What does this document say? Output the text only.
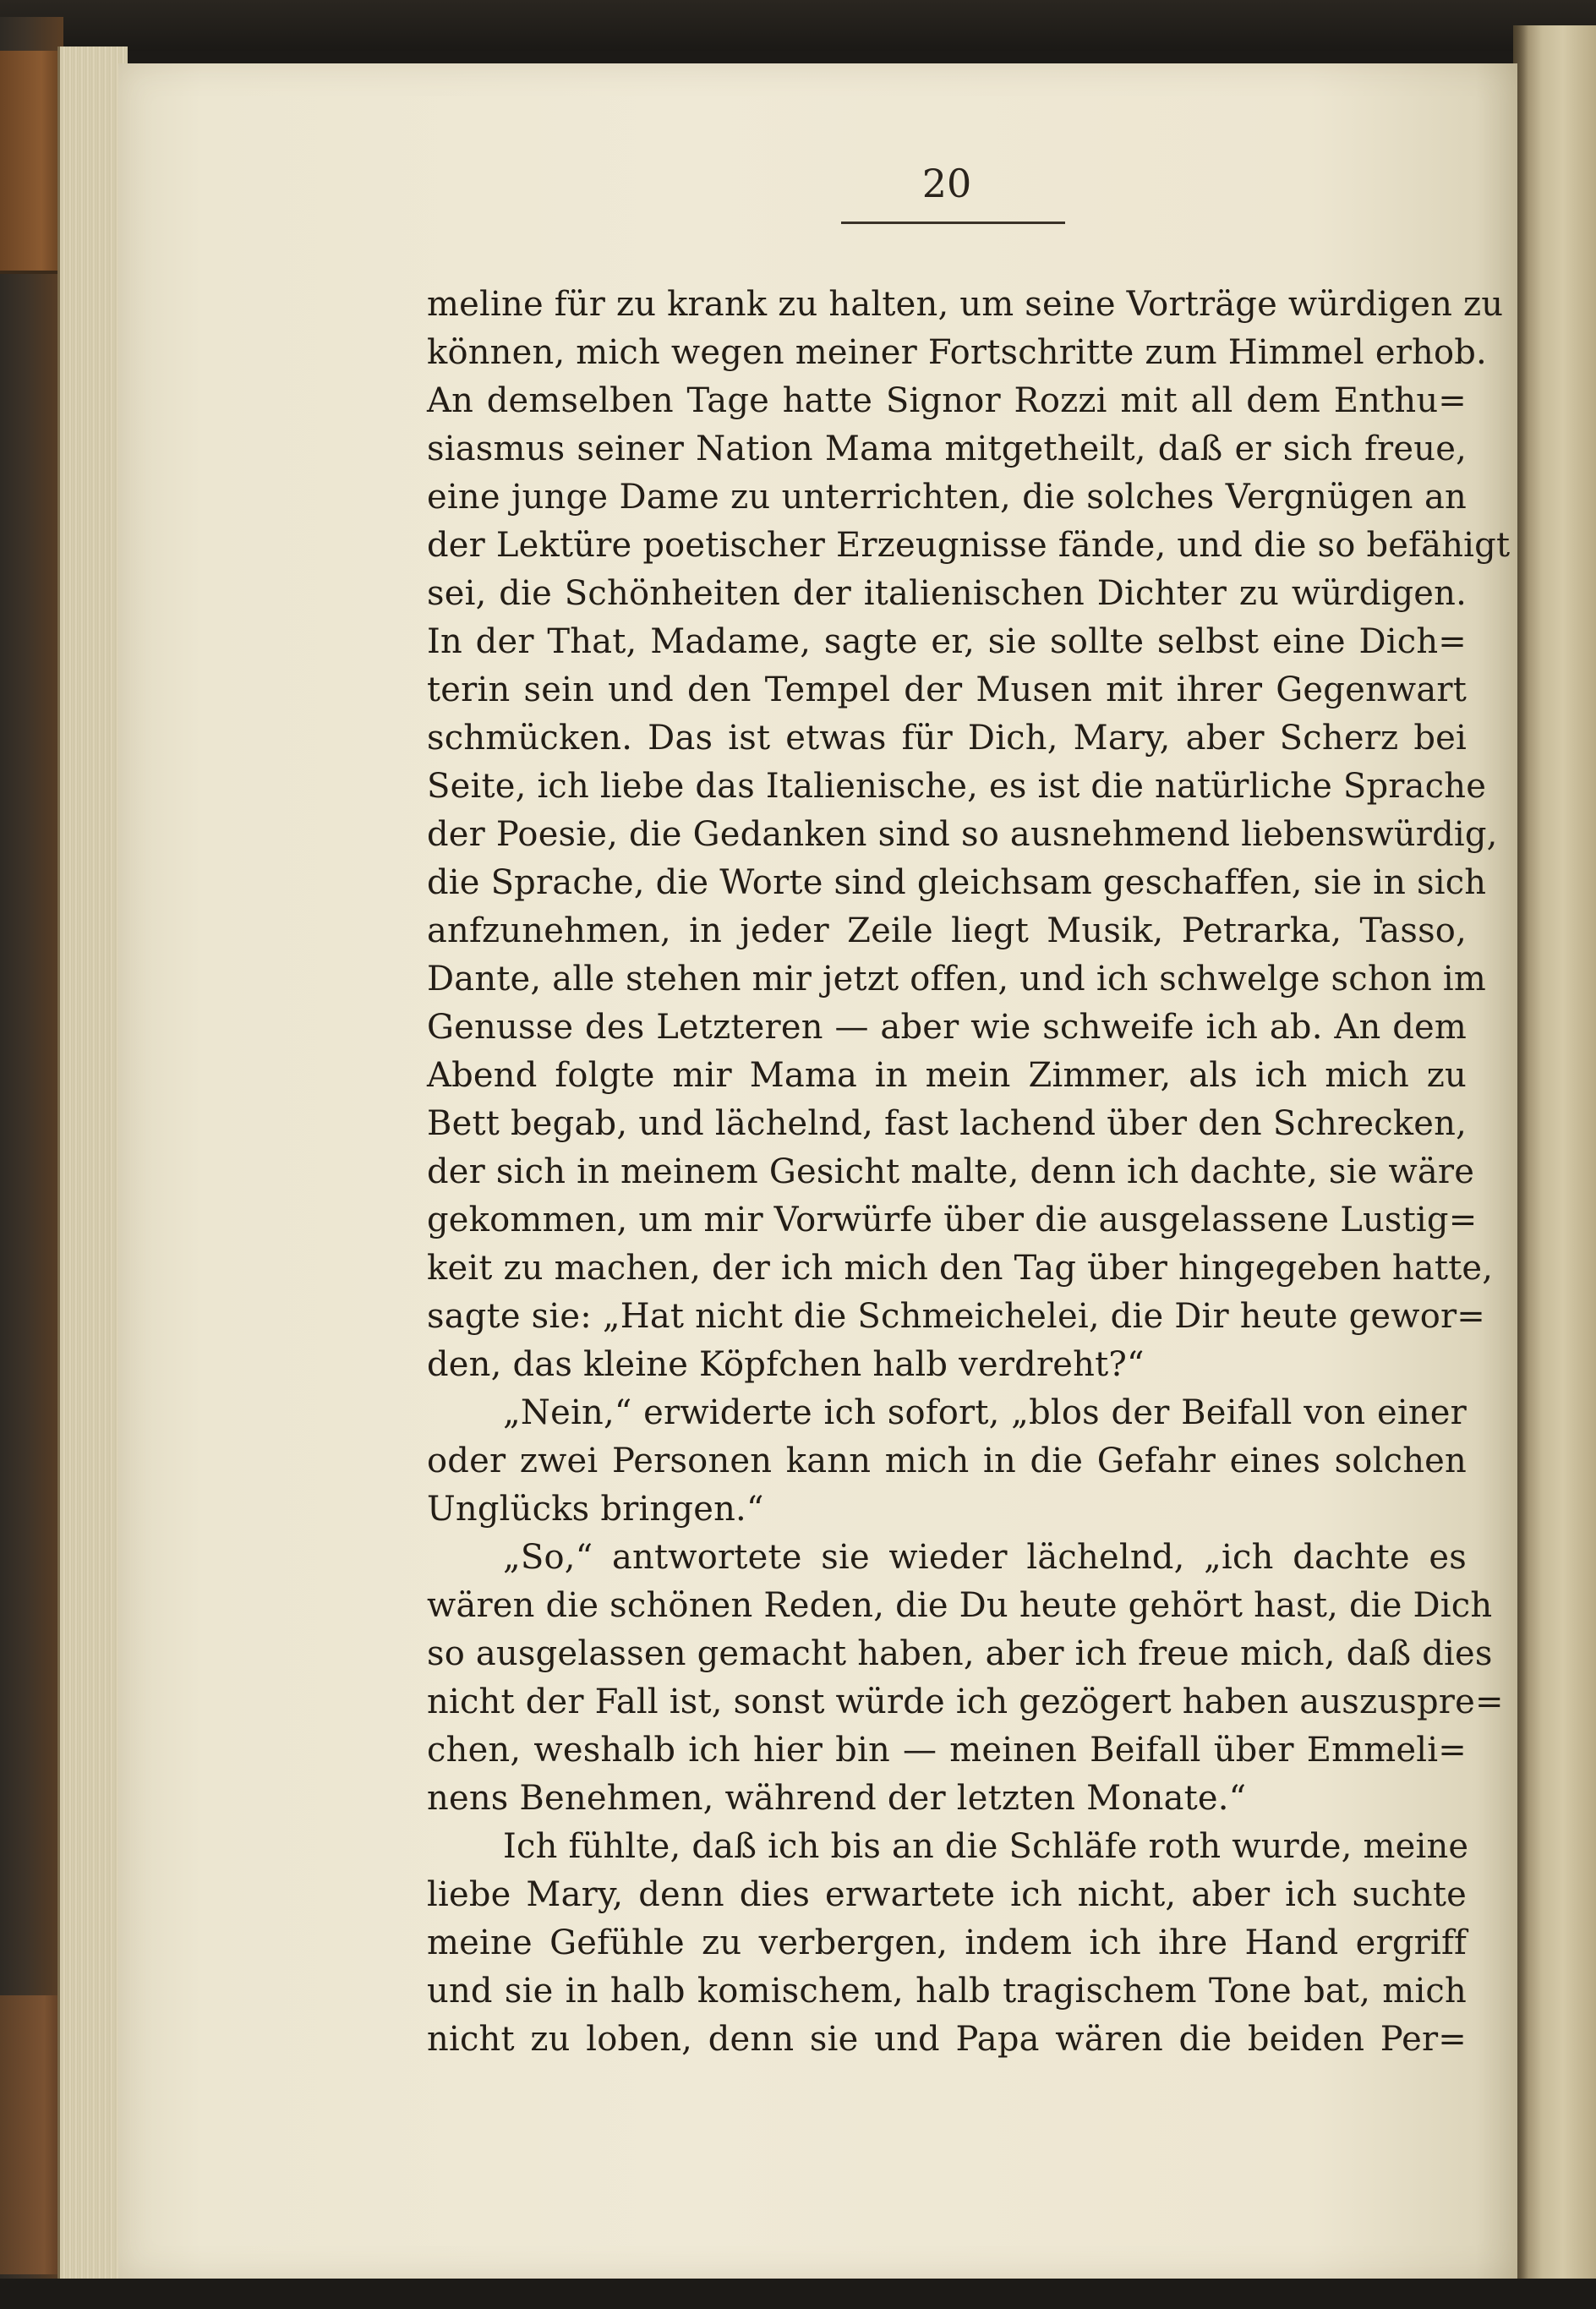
20
meline für zu krank zu halten, um seine Vorträge würdigen zu
können, mich wegen meiner Fortschritte zum Himmel erhob.
An demselben Tage hatte Signor Rozzi mit all dem Enthu=
siasmus seiner Nation Mama mitgetheilt, daß er sich freue,
eine junge Dame zu unterrichten, die solches Vergnügen an
der Lektüre poetischer Erzeugnisse fände, und die so befähigt
sei, die Schönheiten der italienischen Dichter zu würdigen.
In der That, Madame, sagte er, sie sollte selbst eine Dich=
terin sein und den Tempel der Musen mit ihrer Gegenwart
schmücken. Das ist etwas für Dich, Mary, aber Scherz bei
Seite, ich liebe das Italienische, es ist die natürliche Sprache
der Poesie, die Gedanken sind so ausnehmend liebenswürdig,
die Sprache, die Worte sind gleichsam geschaffen, sie in sich
anfzunehmen, in jeder Zeile liegt Musik, Petrarka, Tasso,
Dante, alle stehen mir jetzt offen, und ich schwelge schon im
Genusse des Letzteren — aber wie schweife ich ab. An dem
Abend folgte mir Mama in mein Zimmer, als ich mich zu
Bett begab, und lächelnd, fast lachend über den Schrecken,
der sich in meinem Gesicht malte, denn ich dachte, sie wäre
gekommen, um mir Vorwürfe über die ausgelassene Lustig=
keit zu machen, der ich mich den Tag über hingegeben hatte,
sagte sie: „Hat nicht die Schmeichelei, die Dir heute gewor=
den, das kleine Köpfchen halb verdreht?“
„Nein,“ erwiderte ich sofort, „blos der Beifall von einer
oder zwei Personen kann mich in die Gefahr eines solchen
Unglücks bringen.“
„So,“ antwortete sie wieder lächelnd, „ich dachte es
wären die schönen Reden, die Du heute gehört hast, die Dich
so ausgelassen gemacht haben, aber ich freue mich, daß dies
nicht der Fall ist, sonst würde ich gezögert haben auszuspre=
chen, weshalb ich hier bin — meinen Beifall über Emmeli=
nens Benehmen, während der letzten Monate.“
Ich fühlte, daß ich bis an die Schläfe roth wurde, meine
liebe Mary, denn dies erwartete ich nicht, aber ich suchte
meine Gefühle zu verbergen, indem ich ihre Hand ergriff
und sie in halb komischem, halb tragischem Tone bat, mich
nicht zu loben, denn sie und Papa wären die beiden Per=
